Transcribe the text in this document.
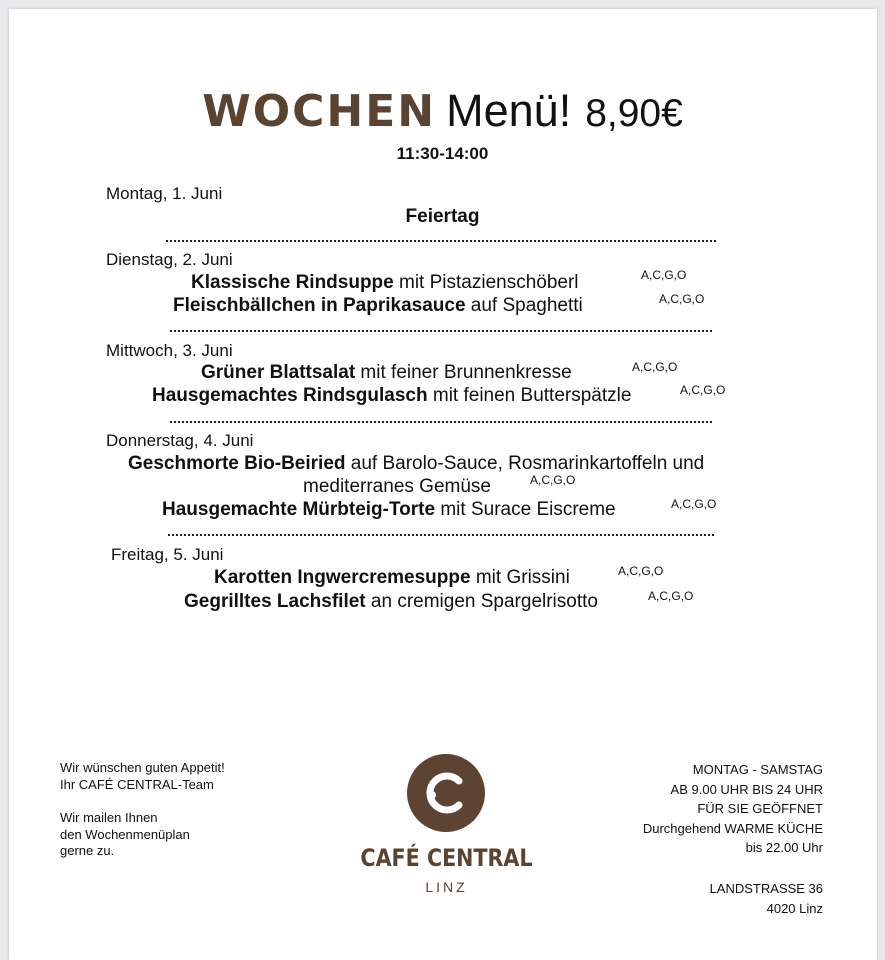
WOCHEN Menü! 8,90€
11:30-14:00
Montag, 1. Juni
Feiertag
Dienstag, 2. Juni
Klassische Rindsuppe mit Pistazienschöberl	A,C,G,O
Fleischbällchen in Paprikasauce auf Spaghetti	A,C,G,O
Mittwoch, 3. Juni
Grüner Blattsalat mit feiner Brunnenkresse	A,C,G,O
Hausgemachtes Rindsgulasch mit feinen Butterspätzle	A,C,G,O
Donnerstag, 4. Juni
Geschmorte Bio-Beiried auf Barolo-Sauce, Rosmarinkartoffeln und
mediterranes Gemüse	A,C,G,O
Hausgemachte Mürbteig-Torte mit Surace Eiscreme	A,C,G,O
Freitag, 5. Juni
Karotten Ingwercremesuppe mit Grissini	A,C,G,O
Gegrilltes Lachsfilet an cremigen Spargelrisotto	A,C,G,O
Wir wünschen guten Appetit!
Ihr CAFÉ CENTRAL-Team
Wir mailen Ihnen
den Wochenmenüplan
gerne zu.	CAFÉ CENTRAL
LINZ
MONTAG - SAMSTAG
AB 9.00 UHR BIS 24 UHR
FÜR SIE GEÖFFNET
Durchgehend WARME KÜCHE
bis 22.00 Uhr
LANDSTRASSE 36
4020 Linz
